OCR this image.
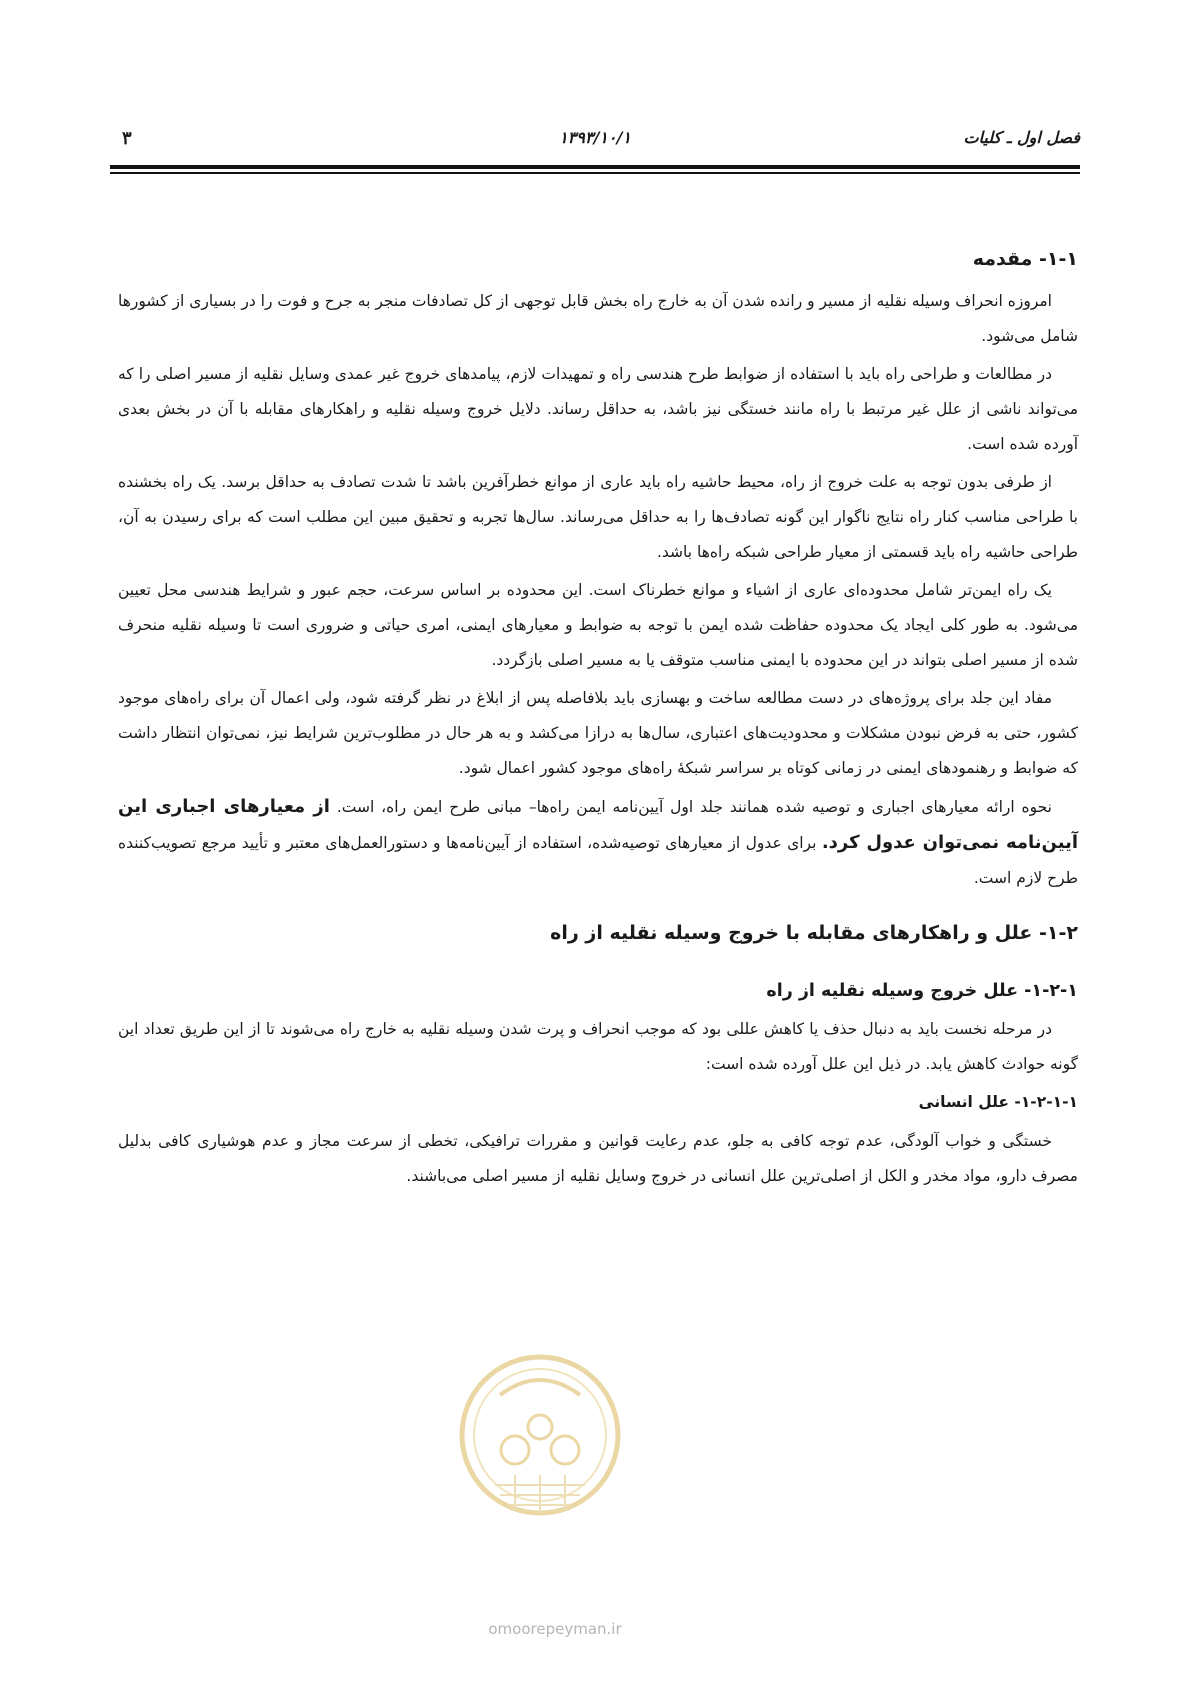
فصل اول ـ کلیات
۱۳۹۳/۱۰/۱
۳
۱-۱- مقدمه

امروزه انحراف وسیله نقلیه از مسیر و رانده شدن آن به خارج راه بخش قابل توجهی از کل تصادفات منجر به جرح و فوت را در بسیاری از کشورها شامل می‌شود.

در مطالعات و طراحی راه باید با استفاده از ضوابط طرح هندسی راه و تمهیدات لازم، پیامدهای خروج غیر عمدی وسایل نقلیه از مسیر اصلی را که می‌تواند ناشی از علل غیر مرتبط با راه مانند خستگی نیز باشد، به حداقل رساند. دلایل خروج وسیله نقلیه و راهکارهای مقابله با آن در بخش بعدی آورده شده است.

از طرفی بدون توجه به علت خروج از راه، محیط حاشیه راه باید عاری از موانع خطرآفرین باشد تا شدت تصادف به حداقل برسد. یک راه بخشنده با طراحی مناسب کنار راه نتایج ناگوار این گونه تصادف‌ها را به حداقل می‌رساند. سال‌ها تجربه و تحقیق مبین این مطلب است که برای رسیدن به آن، طراحی حاشیه راه باید قسمتی از معیار طراحی شبکه راه‌ها باشد.

یک راه ایمن‌تر شامل محدوده‌ای عاری از اشیاء و موانع خطرناک است. این محدوده بر اساس سرعت، حجم عبور و شرایط هندسی محل تعیین می‌شود. به طور کلی ایجاد یک محدوده حفاظت شده ایمن با توجه به ضوابط و معیارهای ایمنی، امری حیاتی و ضروری است تا وسیله نقلیه منحرف شده از مسیر اصلی بتواند در این محدوده با ایمنی مناسب متوقف یا به مسیر اصلی بازگردد.

مفاد این جلد برای پروژه‌های در دست مطالعه ساخت و بهسازی باید بلافاصله پس از ابلاغ در نظر گرفته شود، ولی اعمال آن برای راه‌های موجود کشور، حتی به فرض نبودن مشکلات و محدودیت‌های اعتباری، سال‌ها به درازا می‌کشد و به هر حال در مطلوب‌ترین شرایط نیز، نمی‌توان انتظار داشت که ضوابط و رهنمودهای ایمنی در زمانی کوتاه بر سراسر شبکهٔ راه‌های موجود کشور اعمال شود.

نحوه ارائه معیارهای اجباری و توصیه شده همانند جلد اول آیین‌نامه ایمن راه‌ها– مبانی طرح ایمن راه، است. از معیارهای اجباری این آیین‌نامه نمی‌توان عدول کرد. برای عدول از معیارهای توصیه‌شده، استفاده از آیین‌نامه‌ها و دستورالعمل‌های معتبر و تأیید مرجع تصویب‌کننده طرح لازم است.

۱-۲- علل و راهکارهای مقابله با خروج وسیله نقلیه از راه
۱-۲-۱- علل خروج وسیله نقلیه از راه

در مرحله نخست باید به دنبال حذف یا کاهش عللی بود که موجب انحراف و پرت شدن وسیله نقلیه به خارج راه می‌شوند تا از این طریق تعداد این گونه حوادث کاهش یابد. در ذیل این علل آورده شده است:

۱-۲-۱-۱- علل انسانی

خستگی و خواب آلودگی، عدم توجه کافی به جلو، عدم رعایت قوانین و مقررات ترافیکی، تخطی از سرعت مجاز و عدم هوشیاری کافی بدلیل مصرف دارو، مواد مخدر و الکل از اصلی‌ترین علل انسانی در خروج وسایل نقلیه از مسیر اصلی می‌باشند.

omoorepeyman.ir
